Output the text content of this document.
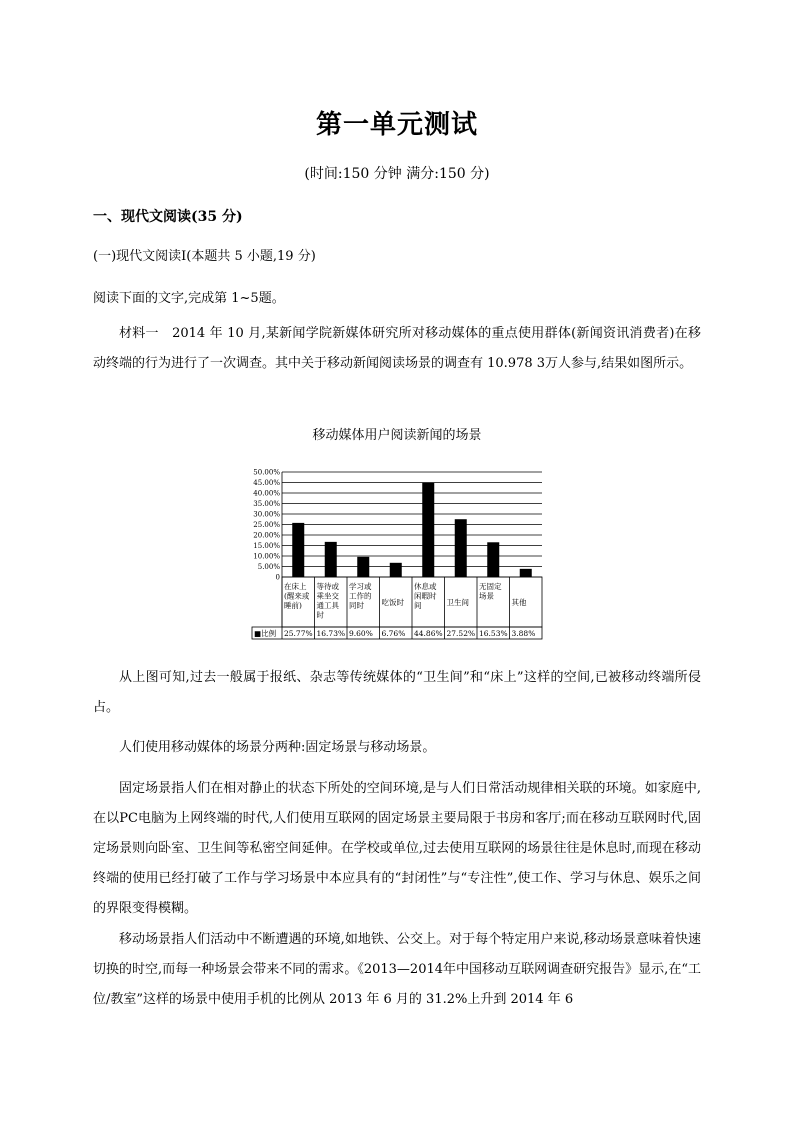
第一单元测试
(时间:150 分钟 满分:150 分)
一、现代文阅读(35 分)
(一)现代文阅读Ⅰ(本题共 5 小题,19 分)
阅读下面的文字,完成第 1~5题。

材料一　2014 年 10 月,某新闻学院新媒体研究所对移动媒体的重点使用群体(新闻资讯消费者)在移动终端的行为进行了一次调查。其中关于移动新闻阅读场景的调查有 10.978 3万人参与,结果如图所示。

移动媒体用户阅读新闻的场景
0
5.00%
10.00%
15.00%
20.00%
25.00%
30.00%
35.00%
40.00%
45.00%
50.00%
■比例
在床上(醒来或睡前)
25.77%
等待或乘坐交通工具时
16.73%
学习或工作的同时
9.60%
吃饭时
6.76%
休息或闲暇时间
44.86%
卫生间
27.52%
无固定场景
16.53%
其他
3.88%

从上图可知,过去一般属于报纸、杂志等传统媒体的“卫生间”和“床上”这样的空间,已被移动终端所侵占。

人们使用移动媒体的场景分两种:固定场景与移动场景。

固定场景指人们在相对静止的状态下所处的空间环境,是与人们日常活动规律相关联的环境。如家庭中,在以PC电脑为上网终端的时代,人们使用互联网的固定场景主要局限于书房和客厅;而在移动互联网时代,固定场景则向卧室、卫生间等私密空间延伸。在学校或单位,过去使用互联网的场景往往是休息时,而现在移动终端的使用已经打破了工作与学习场景中本应具有的“封闭性”与“专注性”,使工作、学习与休息、娱乐之间的界限变得模糊。

移动场景指人们活动中不断遭遇的环境,如地铁、公交上。对于每个特定用户来说,移动场景意味着快速切换的时空,而每一种场景会带来不同的需求。《2013—2014年中国移动互联网调查研究报告》显示,在“工位/教室”这样的场景中使用手机的比例从 2013 年 6 月的 31.2%上升到 2014 年 6
